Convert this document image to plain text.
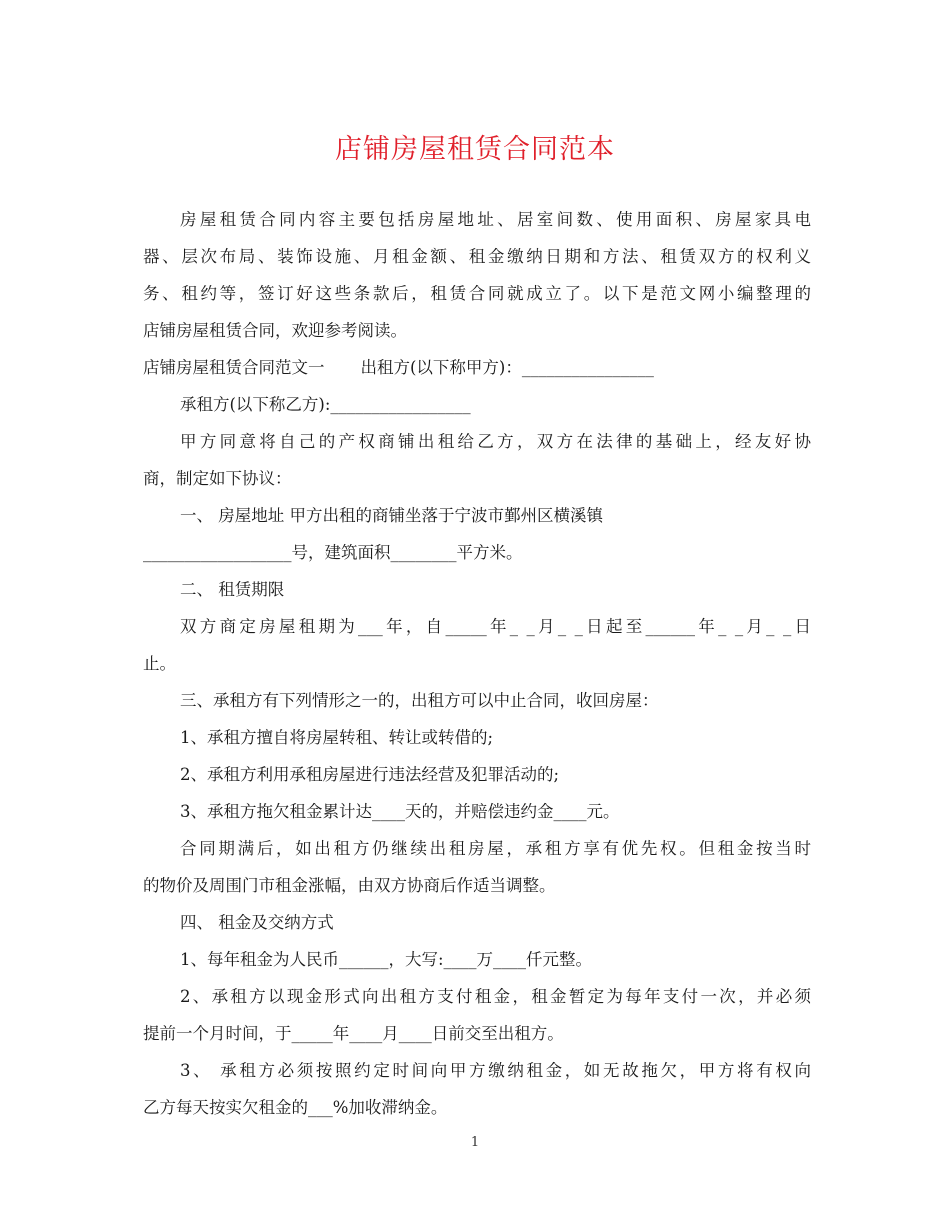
店铺房屋租赁合同范本
房屋租赁合同内容主要包括房屋地址、居室间数、使用面积、房屋家具电
器、层次布局、装饰设施、月租金额、租金缴纳日期和方法、租赁双方的权利义
务、租约等，签订好这些条款后，租赁合同就成立了。以下是范文网小编整理的
店铺房屋租赁合同，欢迎参考阅读。
店铺房屋租赁合同范文一 出租方(以下称甲方)：________________
承租方(以下称乙方):_________________
甲方同意将自己的产权商铺出租给乙方，双方在法律的基础上，经友好协
商，制定如下协议：
一、 房屋地址 甲方出租的商铺坐落于宁波市鄞州区横溪镇
__________________号，建筑面积________平方米。
二、 租赁期限
双方商定房屋租期为___年，自_____年_ _月_ _日起至______年_ _月_ _日
止。
三、承租方有下列情形之一的，出租方可以中止合同，收回房屋：
1、承租方擅自将房屋转租、转让或转借的;
2、承租方利用承租房屋进行违法经营及犯罪活动的;
3、承租方拖欠租金累计达____天的，并赔偿违约金____元。
合同期满后，如出租方仍继续出租房屋，承租方享有优先权。但租金按当时
的物价及周围门市租金涨幅，由双方协商后作适当调整。
四、 租金及交纳方式
1、每年租金为人民币______，大写:____万____仟元整。
2、承租方以现金形式向出租方支付租金，租金暂定为每年支付一次，并必须
提前一个月时间，于_____年____月____日前交至出租方。
3、 承租方必须按照约定时间向甲方缴纳租金，如无故拖欠，甲方将有权向
乙方每天按实欠租金的___%加收滞纳金。
1
